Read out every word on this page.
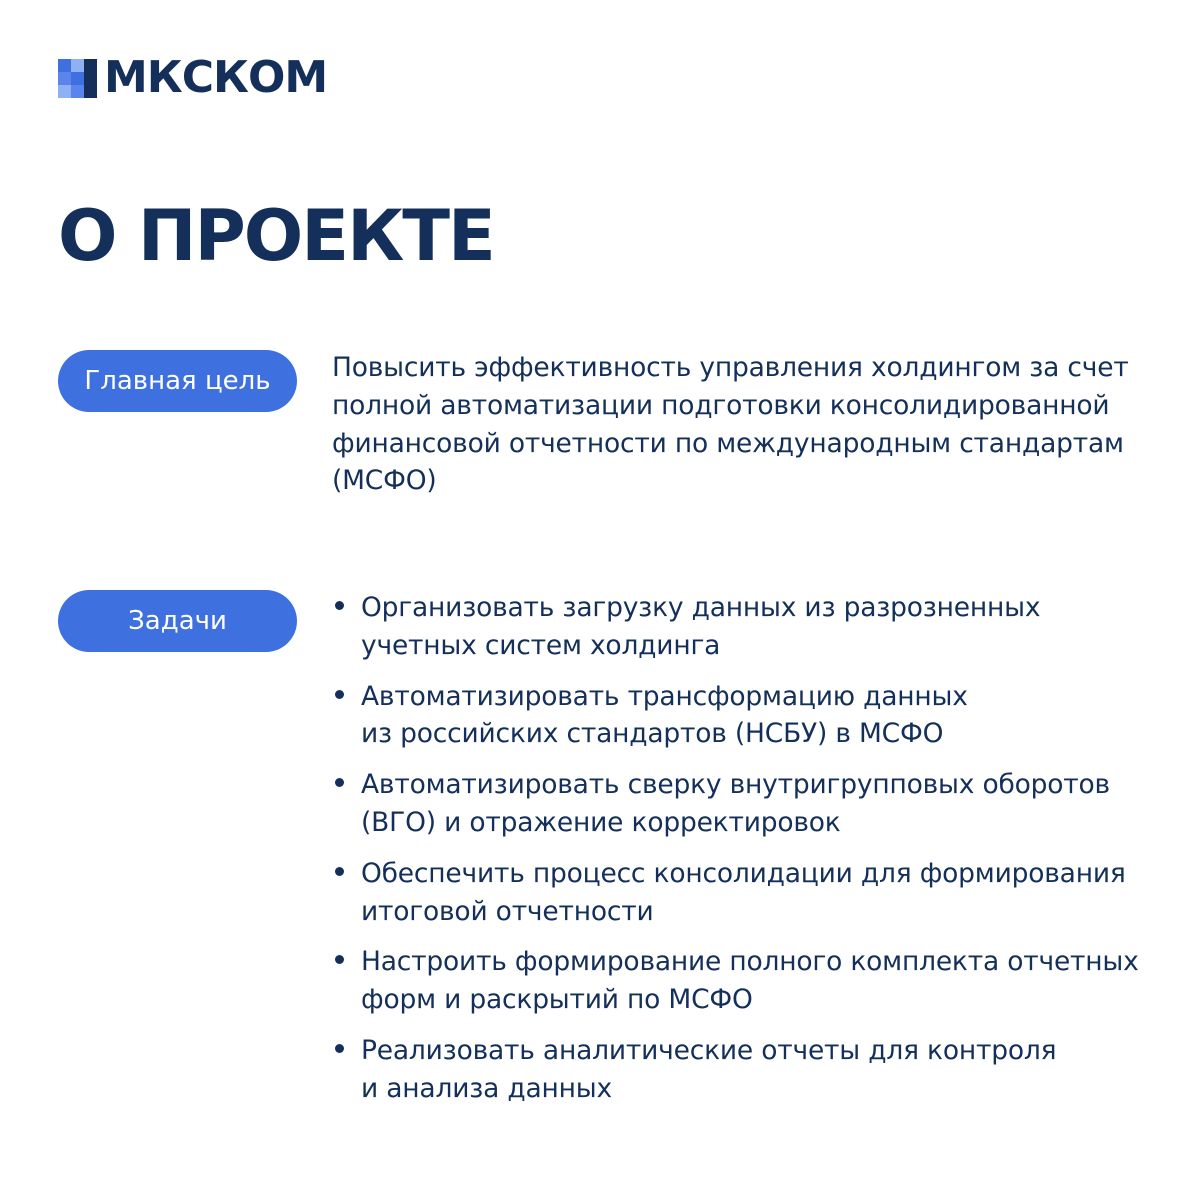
МКСКОМ
О ПРОЕКТЕ
Главная цель	Повысить эффективность управления холдингом за счет
полной автоматизации подготовки консолидированной
финансовой отчетности по международным стандартам
(МСФО)
Задачи	Организовать загрузку данных из разрозненных
учетных систем холдинга
Автоматизировать трансформацию данных
из российских стандартов (НСБУ) в МСФО
Автоматизировать сверку внутригрупповых оборотов
(ВГО) и отражение корректировок
Обеспечить процесс консолидации для формирования
итоговой отчетности
Настроить формирование полного комплекта отчетных
форм и раскрытий по МСФО
Реализовать аналитические отчеты для контроля
и анализа данных
